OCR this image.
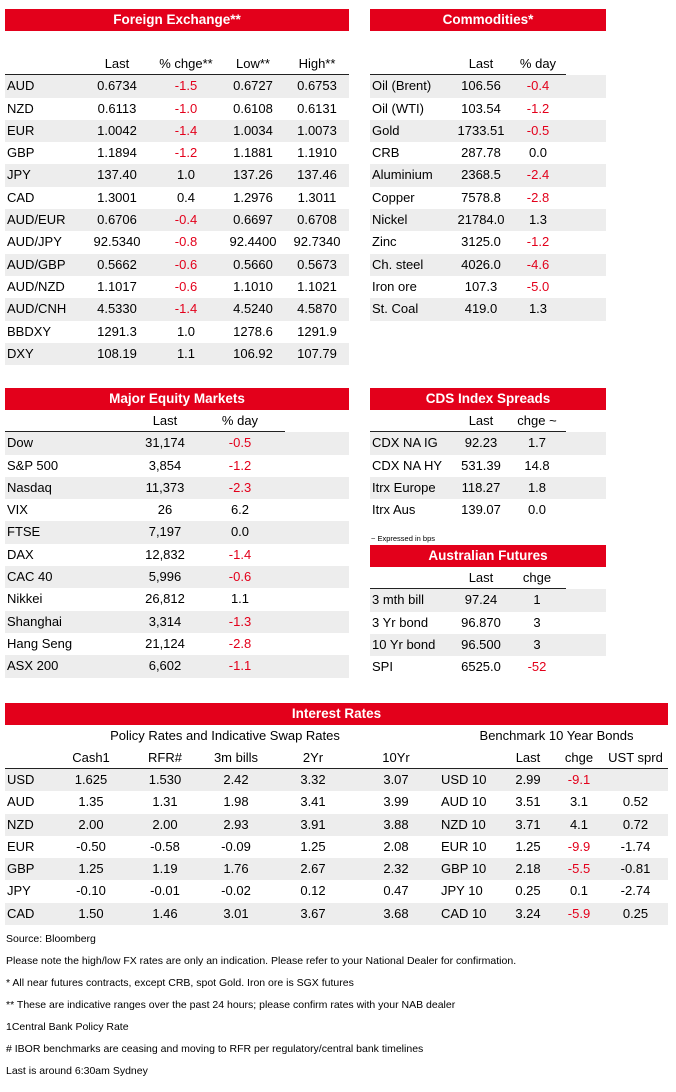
Foreign Exchange**
Last	% chge**	Low**	High**
AUD	0.6734	-1.5	0.6727	0.6753
NZD	0.6113	-1.0	0.6108	0.6131
EUR	1.0042	-1.4	1.0034	1.0073
GBP	1.1894	-1.2	1.1881	1.1910
JPY	137.40	1.0	137.26	137.46
CAD	1.3001	0.4	1.2976	1.3011
AUD/EUR	0.6706	-0.4	0.6697	0.6708
AUD/JPY	92.5340	-0.8	92.4400	92.7340
AUD/GBP	0.5662	-0.6	0.5660	0.5673
AUD/NZD	1.1017	-0.6	1.1010	1.1021
AUD/CNH	4.5330	-1.4	4.5240	4.5870
BBDXY	1291.3	1.0	1278.6	1291.9
DXY	108.19	1.1	106.92	107.79
Commodities*
Last	% day
Oil (Brent)	106.56	-0.4
Oil (WTI)	103.54	-1.2
Gold	1733.51	-0.5
CRB	287.78	0.0
Aluminium	2368.5	-2.4
Copper	7578.8	-2.8
Nickel	21784.0	1.3
Zinc	3125.0	-1.2
Ch. steel	4026.0	-4.6
Iron ore	107.3	-5.0
St. Coal	419.0	1.3
Major Equity Markets
Last	% day
Dow	31,174	-0.5
S&P 500	3,854	-1.2
Nasdaq	11,373	-2.3
VIX	26	6.2
FTSE	7,197	0.0
DAX	12,832	-1.4
CAC 40	5,996	-0.6
Nikkei	26,812	1.1
Shanghai	3,314	-1.3
Hang Seng	21,124	-2.8
ASX 200	6,602	-1.1
CDS Index Spreads
Last	chge ~
CDX NA IG	92.23	1.7
CDX NA HY	531.39	14.8
Itrx Europe	118.27	1.8
Itrx Aus	139.07	0.0
~ Expressed in bps
Australian Futures
Last	chge
3 mth bill	97.24	1
3 Yr bond	96.870	3
10 Yr bond	96.500	3
SPI	6525.0	-52
Interest Rates
Policy Rates and Indicative Swap Rates	Benchmark 10 Year Bonds
Cash1	RFR#	3m bills	2Yr	10Yr	Last	chge	UST sprd
USD	1.625	1.530	2.42	3.32	3.07	USD 10	2.99	-9.1
AUD	1.35	1.31	1.98	3.41	3.99	AUD 10	3.51	3.1	0.52
NZD	2.00	2.00	2.93	3.91	3.88	NZD 10	3.71	4.1	0.72
EUR	-0.50	-0.58	-0.09	1.25	2.08	EUR 10	1.25	-9.9	-1.74
GBP	1.25	1.19	1.76	2.67	2.32	GBP 10	2.18	-5.5	-0.81
JPY	-0.10	-0.01	-0.02	0.12	0.47	JPY 10	0.25	0.1	-2.74
CAD	1.50	1.46	3.01	3.67	3.68	CAD 10	3.24	-5.9	0.25
Source: Bloomberg
Please note the high/low FX rates are only an indication. Please refer to your National Dealer for confirmation.
* All near futures contracts, except CRB, spot Gold. Iron ore is SGX futures
** These are indicative ranges over the past 24 hours; please confirm rates with your NAB dealer
1Central Bank Policy Rate
# IBOR benchmarks are ceasing and moving to RFR per regulatory/central bank timelines
Last is around 6:30am Sydney
